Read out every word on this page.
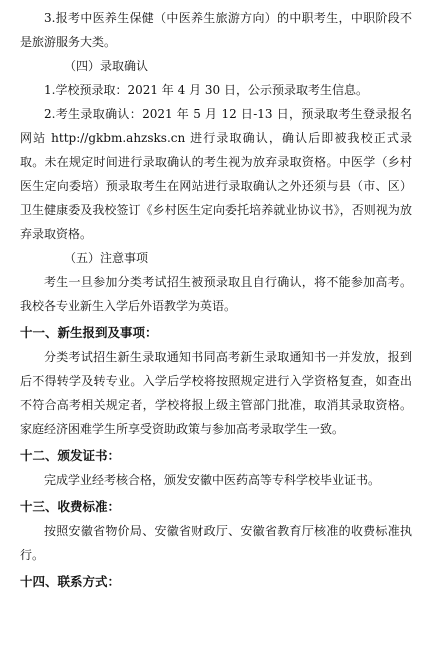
3.报考中医养生保健（中医养生旅游方向）的中职考生，中职阶段不是旅游服务大类。

（四）录取确认

1.学校预录取：2021 年 4 月 30 日，公示预录取考生信息。

2.考生录取确认：2021 年 5 月 12 日-13 日，预录取考生登录报名网站 http://gkbm.ahzsks.cn 进行录取确认，确认后即被我校正式录取。未在规定时间进行录取确认的考生视为放弃录取资格。中医学（乡村医生定向委培）预录取考生在网站进行录取确认之外还须与县（市、区）卫生健康委及我校签订《乡村医生定向委托培养就业协议书》，否则视为放弃录取资格。

（五）注意事项

考生一旦参加分类考试招生被预录取且自行确认，将不能参加高考。我校各专业新生入学后外语教学为英语。

十一、新生报到及事项：

分类考试招生新生录取通知书同高考新生录取通知书一并发放，报到后不得转学及转专业。入学后学校将按照规定进行入学资格复查，如查出不符合高考相关规定者，学校将报上级主管部门批准，取消其录取资格。家庭经济困难学生所享受资助政策与参加高考录取学生一致。

十二、颁发证书：

完成学业经考核合格，颁发安徽中医药高等专科学校毕业证书。

十三、收费标准：

按照安徽省物价局、安徽省财政厅、安徽省教育厅核准的收费标准执行。

十四、联系方式：
